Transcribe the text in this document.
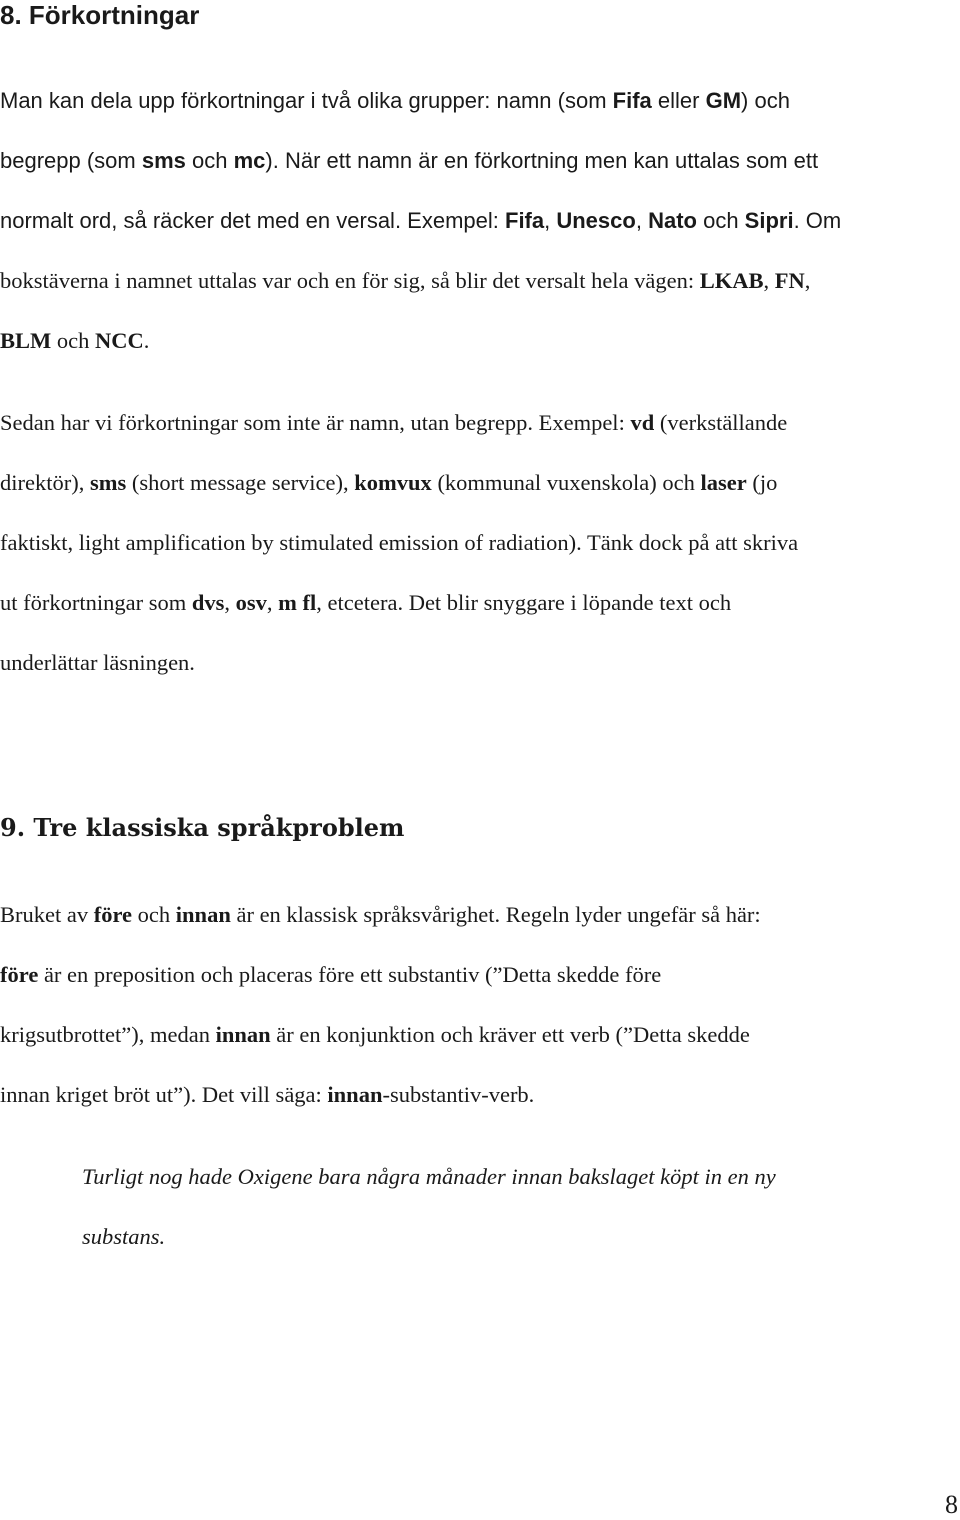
8. Förkortningar

Man kan dela upp förkortningar i två olika grupper: namn (som Fifa eller GM) och

begrepp (som sms och mc). När ett namn är en förkortning men kan uttalas som ett

normalt ord, så räcker det med en versal. Exempel: Fifa, Unesco, Nato och Sipri. Om

bokstäverna i namnet uttalas var och en för sig, så blir det versalt hela vägen: LKAB, FN,

BLM och NCC.

Sedan har vi förkortningar som inte är namn, utan begrepp. Exempel: vd (verkställande

direktör), sms (short message service), komvux (kommunal vuxenskola) och laser (jo

faktiskt, light amplification by stimulated emission of radiation). Tänk dock på att skriva

ut förkortningar som dvs, osv, m fl, etcetera. Det blir snyggare i löpande text och

underlättar läsningen.

9. Tre klassiska språkproblem

Bruket av före och innan är en klassisk språksvårighet. Regeln lyder ungefär så här:

före är en preposition och placeras före ett substantiv (”Detta skedde före

krigsutbrottet”), medan innan är en konjunktion och kräver ett verb (”Detta skedde

innan kriget bröt ut”). Det vill säga: innan-substantiv-verb.

Turligt nog hade Oxigene bara några månader innan bakslaget köpt in en ny

substans.

8
